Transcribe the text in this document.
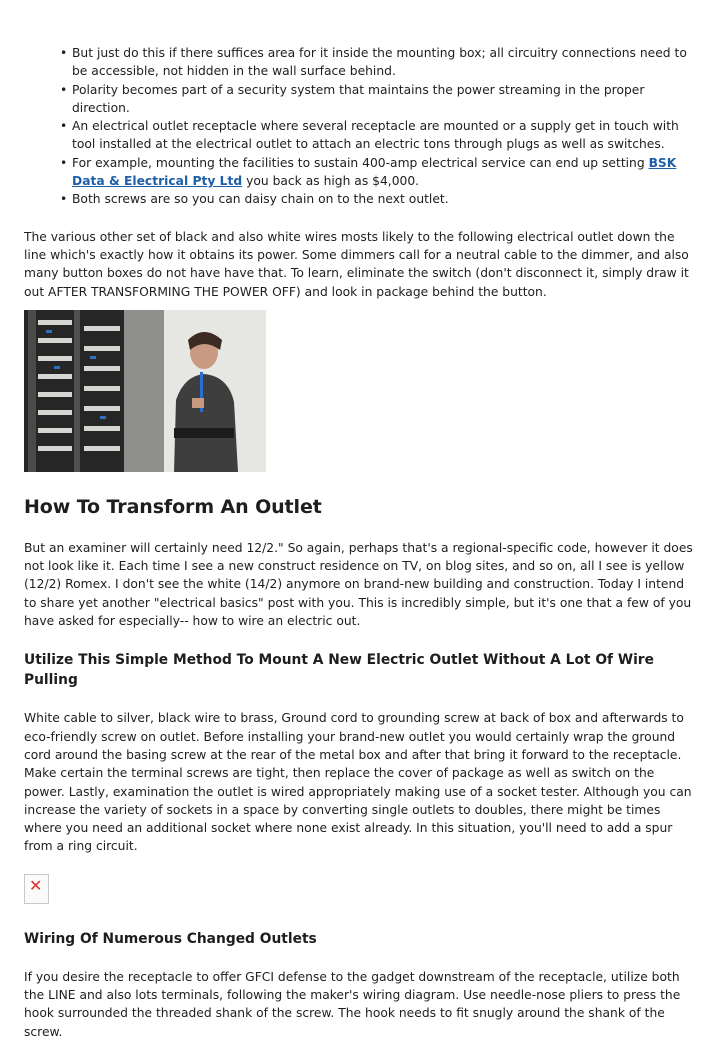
• But just do this if there suffices area for it inside the mounting box; all circuitry connections need to be accessible, not hidden in the wall surface behind.
• Polarity becomes part of a security system that maintains the power streaming in the proper direction.
• An electrical outlet receptacle where several receptacle are mounted or a supply get in touch with tool installed at the electrical outlet to attach an electric tons through plugs as well as switches.
• For example, mounting the facilities to sustain 400-amp electrical service can end up setting BSK Data & Electrical Pty Ltd you back as high as $4,000.
• Both screws are so you can daisy chain on to the next outlet.

The various other set of black and also white wires mosts likely to the following electrical outlet down the line which's exactly how it obtains its power. Some dimmers call for a neutral cable to the dimmer, and also many button boxes do not have have that. To learn, eliminate the switch (don't disconnect it, simply draw it out AFTER TRANSFORMING THE POWER OFF) and look in package behind the button.

How To Transform An Outlet

But an examiner will certainly need 12/2." So again, perhaps that's a regional-specific code, however it does not look like it. Each time I see a new construct residence on TV, on blog sites, and so on, all I see is yellow (12/2) Romex. I don't see the white (14/2) anymore on brand-new building and construction. Today I intend to share yet another "electrical basics" post with you. This is incredibly simple, but it's one that a few of you have asked for especially-- how to wire an electric out.

Utilize This Simple Method To Mount A New Electric Outlet Without A Lot Of Wire Pulling

White cable to silver, black wire to brass, Ground cord to grounding screw at back of box and afterwards to eco-friendly screw on outlet. Before installing your brand-new outlet you would certainly wrap the ground cord around the basing screw at the rear of the metal box and after that bring it forward to the receptacle. Make certain the terminal screws are tight, then replace the cover of package as well as switch on the power. Lastly, examination the outlet is wired appropriately making use of a socket tester. Although you can increase the variety of sockets in a space by converting single outlets to doubles, there might be times where you need an additional socket where none exist already. In this situation, you'll need to add a spur from a ring circuit.

✕
Wiring Of Numerous Changed Outlets

If you desire the receptacle to offer GFCI defense to the gadget downstream of the receptacle, utilize both the LINE and also lots terminals, following the maker's wiring diagram. Use needle-nose pliers to press the hook surrounded the threaded shank of the screw. The hook needs to fit snugly around the shank of the screw.
